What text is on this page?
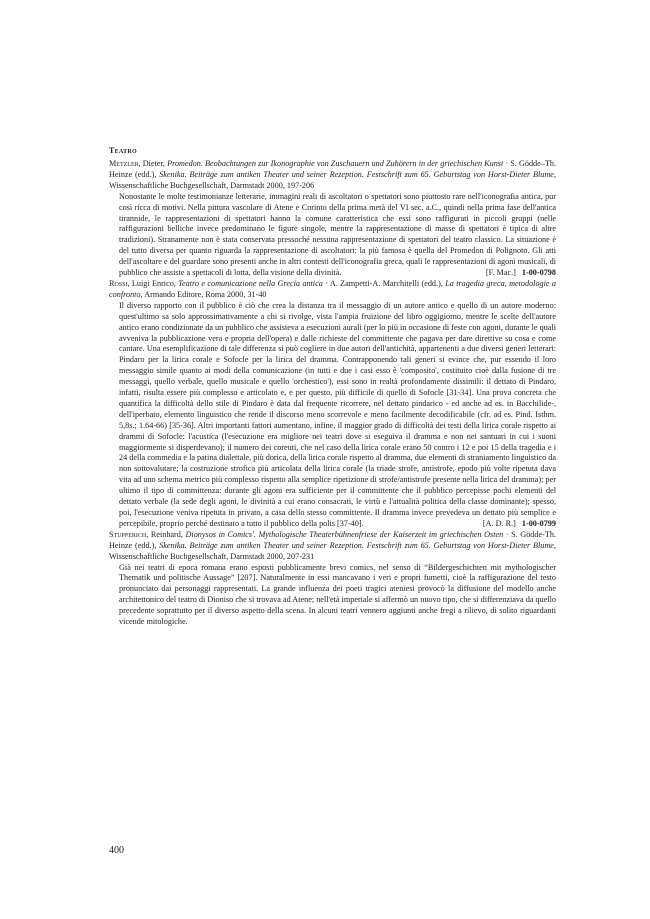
Teatro

Metzler, Dieter, Promedon. Beobachtungen zur Ikonographie von Zuschauern und Zuhörern in der griechischen Kunst · S. Gödde–Th. Heinze (edd.), Skenika. Beiträge zum antiken Theater und seiner Rezeption. Festschrift zum 65. Geburtstag von Horst-Dieter Blume, Wissenschaftliche Buchgesellschaft, Darmstadt 2000, 197-206

Nonostante le molte testimonianze letterarie, immagini reali di ascoltatori o spettatori sono piuttosto rare nell'iconografia antica, pur così ricca di motivi. Nella pittura vascolare di Atene e Corinto della prima metà del VI sec. a.C., quindi nella prima fase dell'antica tirannide, le rappresentazioni di spettatori hanno la comune caratteristica che essi sono raffigurati in piccoli gruppi (nelle raffigurazioni belliche invece predominano le figure singole, mentre la rappresentazione di masse di spettatori è tipica di altre tradizioni). Stranamente non è stata conservata pressoché nessuna rappresentazione di spettatori del teatro classico. La situazione è del tutto diversa per quanto riguarda la rappresentazione di ascoltatori: la più famosa è quella del Promedon di Polignoto. Gli atti dell'ascoltare e del guardare sono presenti anche in altri contesti dell'iconografia greca, quali le rappresentazioni di agoni musicali, di pubblico che assiste a spettacoli di lotta, della visione della divinità.	[F. Mac.] 1-00-0798

Rossi, Luigi Enrico, Teatro e comunicazione nella Grecia antica · A. Zampetti-A. Marchitelli (edd.), La tragedia greca, metodologie a confronto, Armando Editore, Roma 2000, 31-40

Il diverso rapporto con il pubblico è ciò che crea la distanza tra il messaggio di un autore antico e quello di un autore moderno: quest'ultimo sa solo approssimativamente a chi si rivolge, vista l'ampia fruizione del libro oggigiorno, mentre le scelte dell'autore antico erano condizionate da un pubblico che assisteva a esecuzioni aurali (per lo più in occasione di feste con agoni, durante le quali avveniva la pubblicazione vera e propria dell'opera) e dalle richieste del committente che pagava per dare direttive su cosa e come cantare. Una esemplificazione di tale differenza si può cogliere in due autori dell'antichità, appartenenti a due diversi generi letterari: Pindaro per la lirica corale e Sofocle per la lirica del dramma. Contrapponendo tali generi si evince che, pur essendo il loro messaggio simile quanto ai modi della comunicazione (in tutti e due i casi esso è 'composito', costituito cioè dalla fusione di tre messaggi, quello verbale, quello musicale e quello 'orchestico'), essi sono in realtà profondamente dissimili: il dettato di Pindaro, infatti, risulta essere più complesso e articolato e, e per questo, più difficile di quello di Sofocle [31-34]. Una prova concreta che quantifica la difficoltà dello stile di Pindaro è data dal frequente ricorrere, nel dettato pindarico - ed anche ad es. in Bacchilide-, dell'iperbato, elemento linguistico che rende il discorso meno scorrevole e meno facilmente decodificabile (cfr. ad es. Pind. Isthm. 5,8s.; 1.64-66) [35-36]. Altri importanti fattori aumentano, infine, il maggior grado di difficoltà dei testi della lirica corale rispetto ai drammi di Sofocle: l'acustica (l'esecuzione era migliore nei teatri dove si eseguiva il dramma e non nei santuari in cui i suoni maggiormente si disperdevano); il numero dei coreuti, che nel caso della lirica corale erano 50 contro i 12 e poi 15 della tragedia e i 24 della commedia e la patina dialettale, più dorica, della lirica corale rispetto al dramma, due elementi di straniamento linguistico da non sottovalutare; la costruzione strofica più articolata della lirica corale (la triade strofe, antistrofe, epodo più volte ripetuta dava vita ad uno schema metrico più complesso rispetto alla semplice ripetizione di strofe/antistrofe presente nella lirica del dramma); per ultimo il tipo di committenza: durante gli agoni era sufficiente per il committente che il pubblico percepisse pochi elementi del dettato verbale (la sede degli agoni, le divinità a cui erano consacrati, le virtù e l'attualità politica della classe dominante); spesso, poi, l'esecuzione veniva ripetuta in privato, a casa dello stesso committente. Il dramma invece prevedeva un dettato più semplice e percepibile, proprio perché destinato a tutto il pubblico della polis [37-40].	[A. D. R.] 1-00-0799

Stupperich, Reinhard, Dionysos in Comics'. Mythologische Theaterbühnenfriese der Kaiserzeit im griechischen Osten · S. Gödde-Th. Heinze (edd.), Skenika. Beiträge zum antiken Theater und seiner Rezeption. Festschrift zum 65. Geburtstag von Horst-Dieter Blume, Wissenschaftliche Buchgesellschaft, Darmstadt 2000, 207-231

Già nei teatri di epoca romana erano esposti pubblicamente brevi comics, nel senso di “Bildergeschichten mit mythologischer Thematik und politische Aussage” [207]. Naturalmente in essi mancavano i veri e propri fumetti, cioè la raffigurazione del testo pronunciato dai personaggi rappresentati. La grande influenza dei poeti tragici ateniesi provocò la diffusione del modello anche architettonico del teatro di Dioniso che si trovava ad Atene; nell'età imperiale si affermò un nuovo tipo, che si differenziava da quello precedente soprattutto per il diverso aspetto della scena. In alcuni teatri vennero aggiunti anche fregi a rilievo, di solito riguardanti vicende mitologiche.

400
